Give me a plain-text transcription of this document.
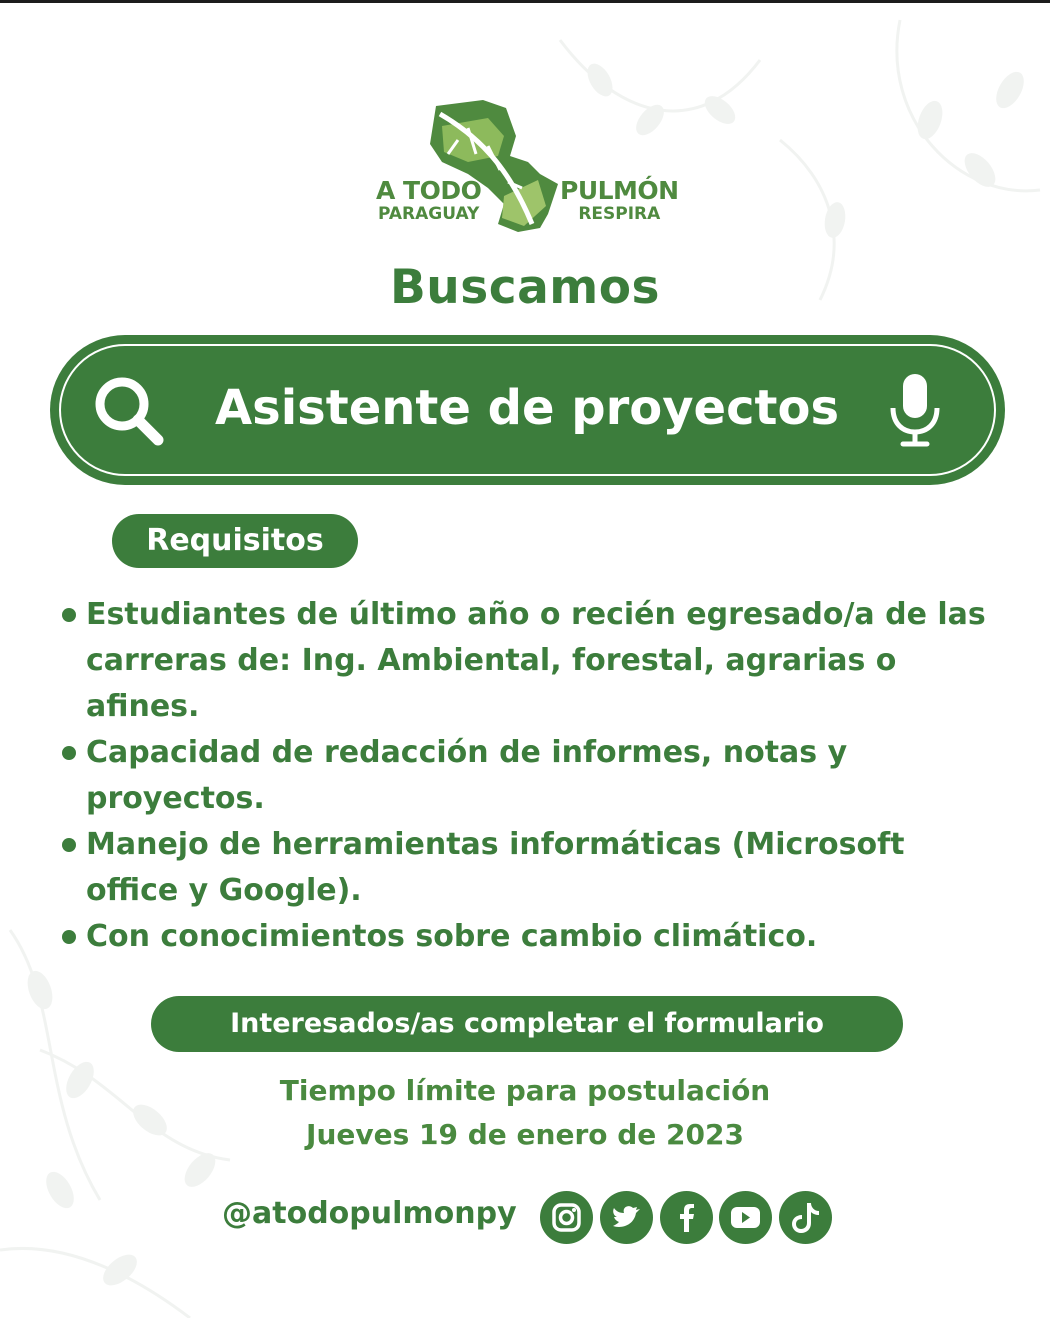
A TODO
PARAGUAY
PULMÓN
RESPIRA
Buscamos
Asistente de proyectos
Requisitos
Estudiantes de último año o recién egresado/a de las carreras de: Ing. Ambiental, forestal, agrarias o afines.
Capacidad de redacción de informes, notas y proyectos.
Manejo de herramientas informáticas (Microsoft office y Google).
Con conocimientos sobre cambio climático.
Interesados/as completar el formulario
Tiempo límite para postulación
Jueves 19 de enero de 2023
@atodopulmonpy
